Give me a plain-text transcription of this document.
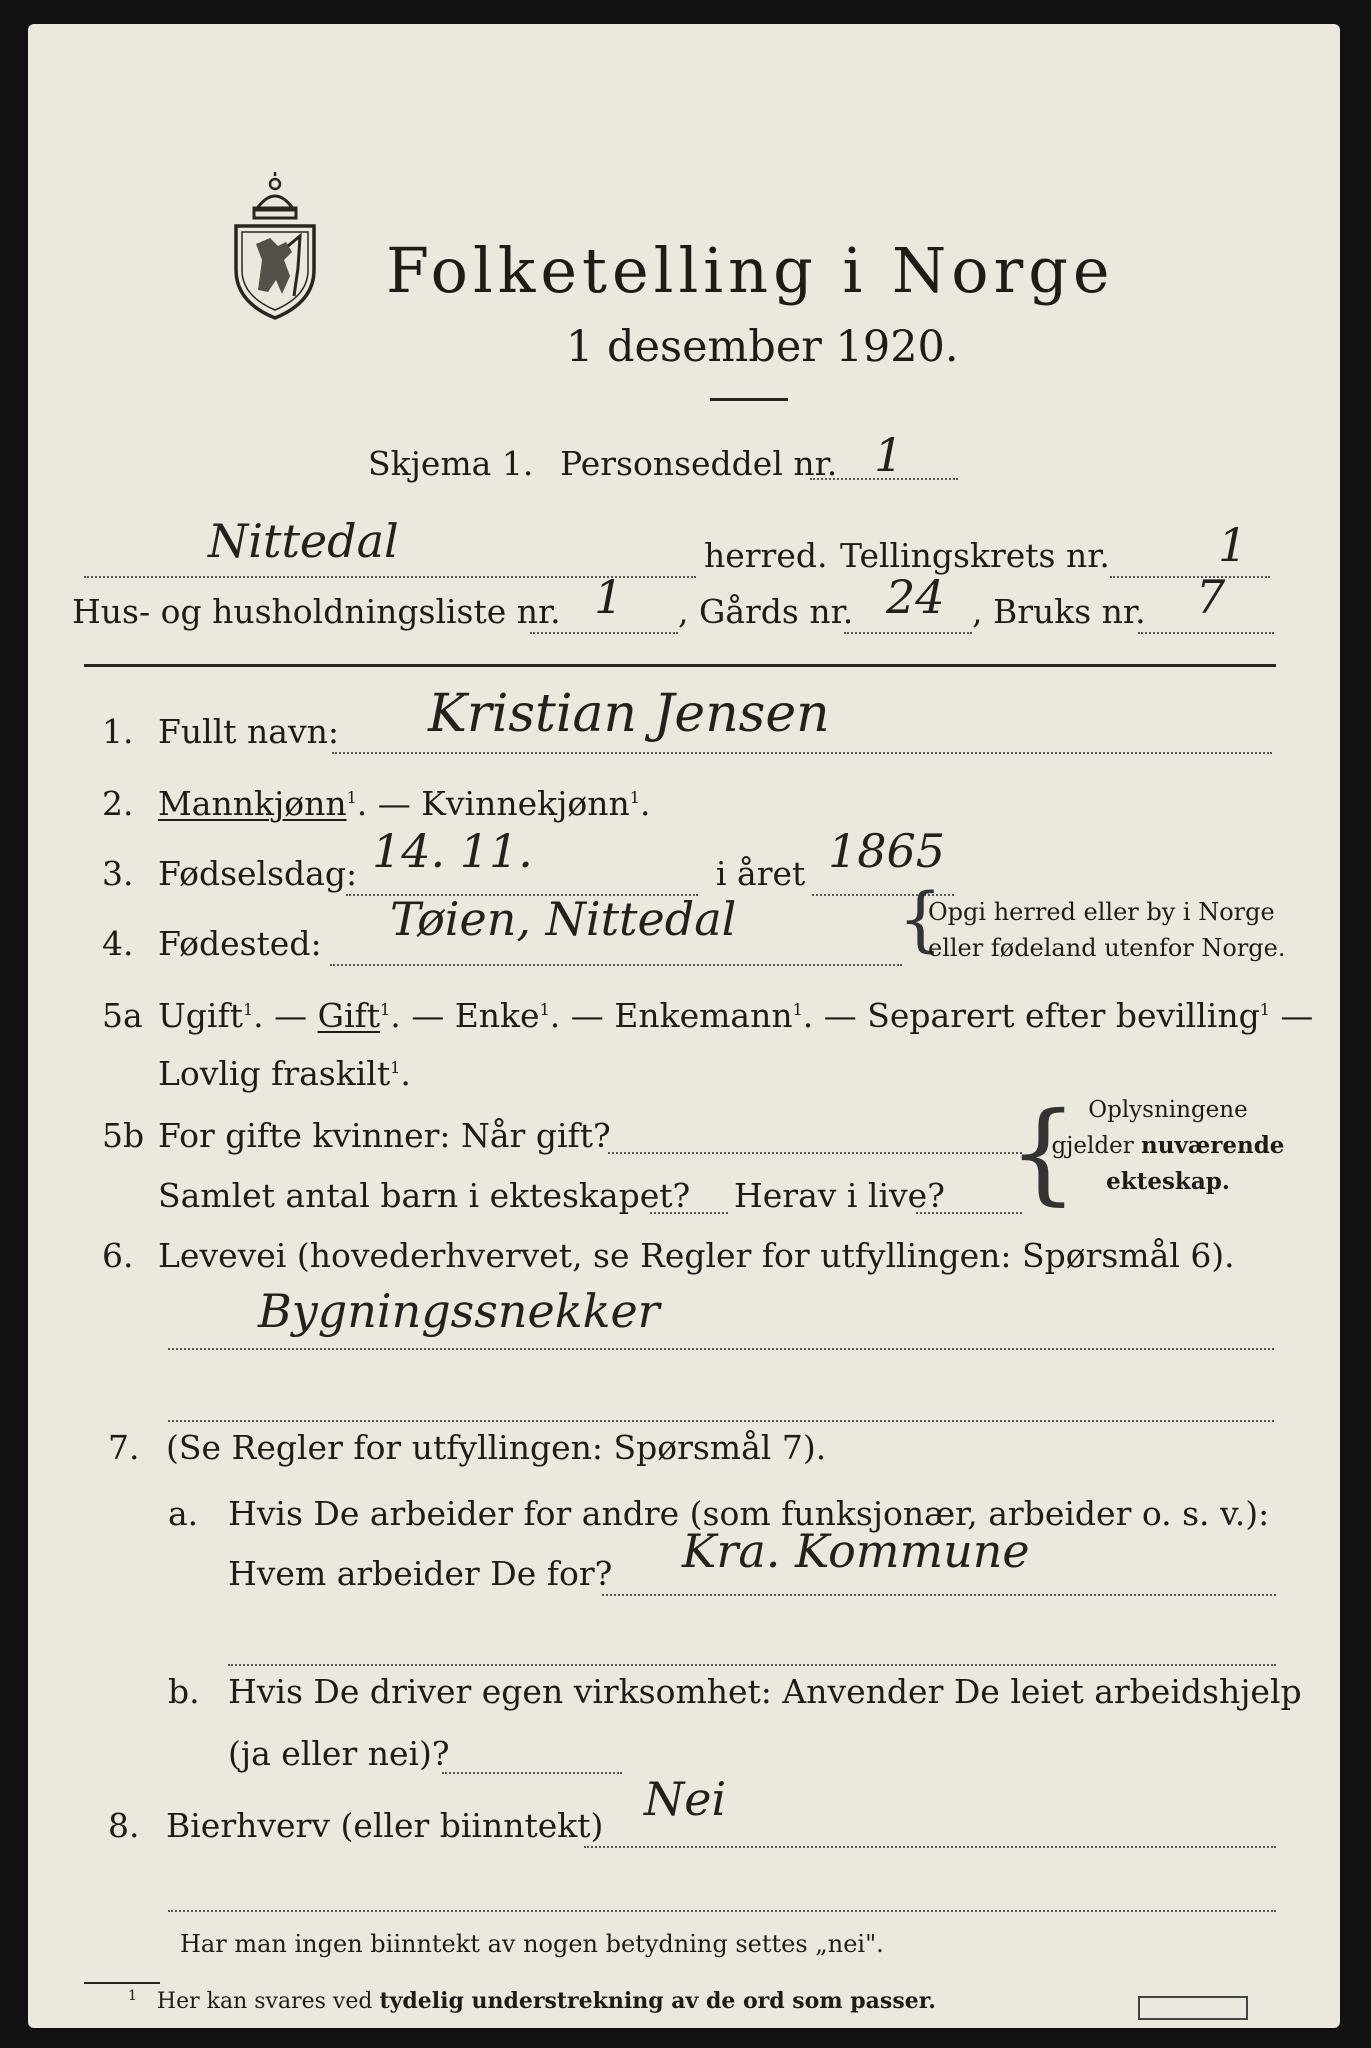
Folketelling i Norge
1 desember 1920.
Skjema 1. Personseddel nr. 1
Nittedal	herred. Tellingskrets nr. 1
Hus- og husholdningsliste nr. 1 , Gårds nr. 24 , Bruks nr. 7
1. Fullt navn: Kristian Jensen
2. Mannkjønn$^1$. — Kvinnekjønn$^1$.
3. Fødselsdag: 14. 11.	i året 1865
4. Fødested: Tøien, Nittedal {
Opgi herred eller by i Norge
eller fødeland utenfor Norge.
5a Ugift$^1$. — Gift$^1$. — Enke$^1$. — Enkemann$^1$. — Separert efter bevilling$^1$ —
Lovlig fraskilt$^1$.
5b For gifte kvinner: Når gift?
Samlet antal barn i ekteskapet? Herav i live? { Oplysningene
gjelder nuværende
ekteskap.
6. Levevei (hovederhvervet, se Regler for utfyllingen: Spørsmål 6).
Bygningssnekker
7. (Se Regler for utfyllingen: Spørsmål 7).
a. Hvis De arbeider for andre (som funksjonær, arbeider o. s. v.):
Hvem arbeider De for? Kra. Kommune
b. Hvis De driver egen virksomhet: Anvender De leiet arbeidshjelp
(ja eller nei)?
8. Bierhverv (eller biinntekt) Nei
Har man ingen biinntekt av nogen betydning settes „nei".
$^1$ Her kan svares ved tydelig understrekning av de ord som passer.
